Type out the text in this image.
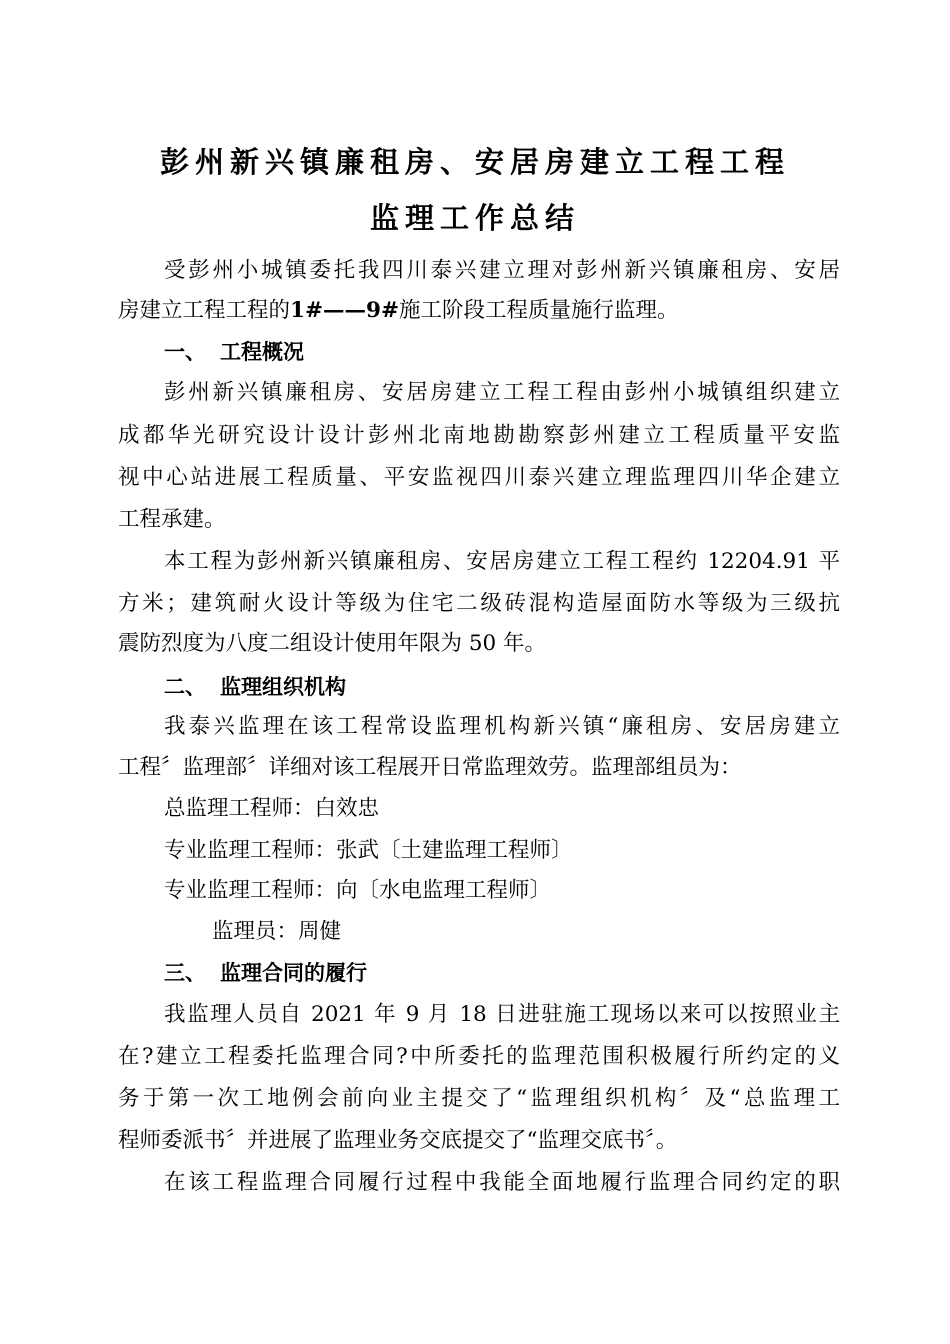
彭州新兴镇廉租房、安居房建立工程工程
监理工作总结
受彭州小城镇委托我四川泰兴建立理对彭州新兴镇廉租房、安居
房建立工程工程的1#——9#施工阶段工程质量施行监理。
一、 工程概况
彭州新兴镇廉租房、安居房建立工程工程由彭州小城镇组织建立
成都华光研究设计设计彭州北南地勘勘察彭州建立工程质量平安监
视中心站进展工程质量、平安监视四川泰兴建立理监理四川华企建立
工程承建。
本工程为彭州新兴镇廉租房、安居房建立工程工程约 12204.91 平
方米；建筑耐火设计等级为住宅二级砖混构造屋面防水等级为三级抗
震防烈度为八度二组设计使用年限为 50 年。
二、 监理组织机构
我泰兴监理在该工程常设监理机构新兴镇“廉租房、安居房建立
工程〞监理部〞详细对该工程展开日常监理效劳。监理部组员为：
总监理工程师：白效忠
专业监理工程师：张武〔土建监理工程师〕
专业监理工程师：向〔水电监理工程师〕
监理员：周健
三、 监理合同的履行
我监理人员自 2021 年 9 月 18 日进驻施工现场以来可以按照业主
在?建立工程委托监理合同?中所委托的监理范围积极履行所约定的义
务于第一次工地例会前向业主提交了“监理组织机构〞及“总监理工
程师委派书〞并进展了监理业务交底提交了“监理交底书〞。
在该工程监理合同履行过程中我能全面地履行监理合同约定的职
